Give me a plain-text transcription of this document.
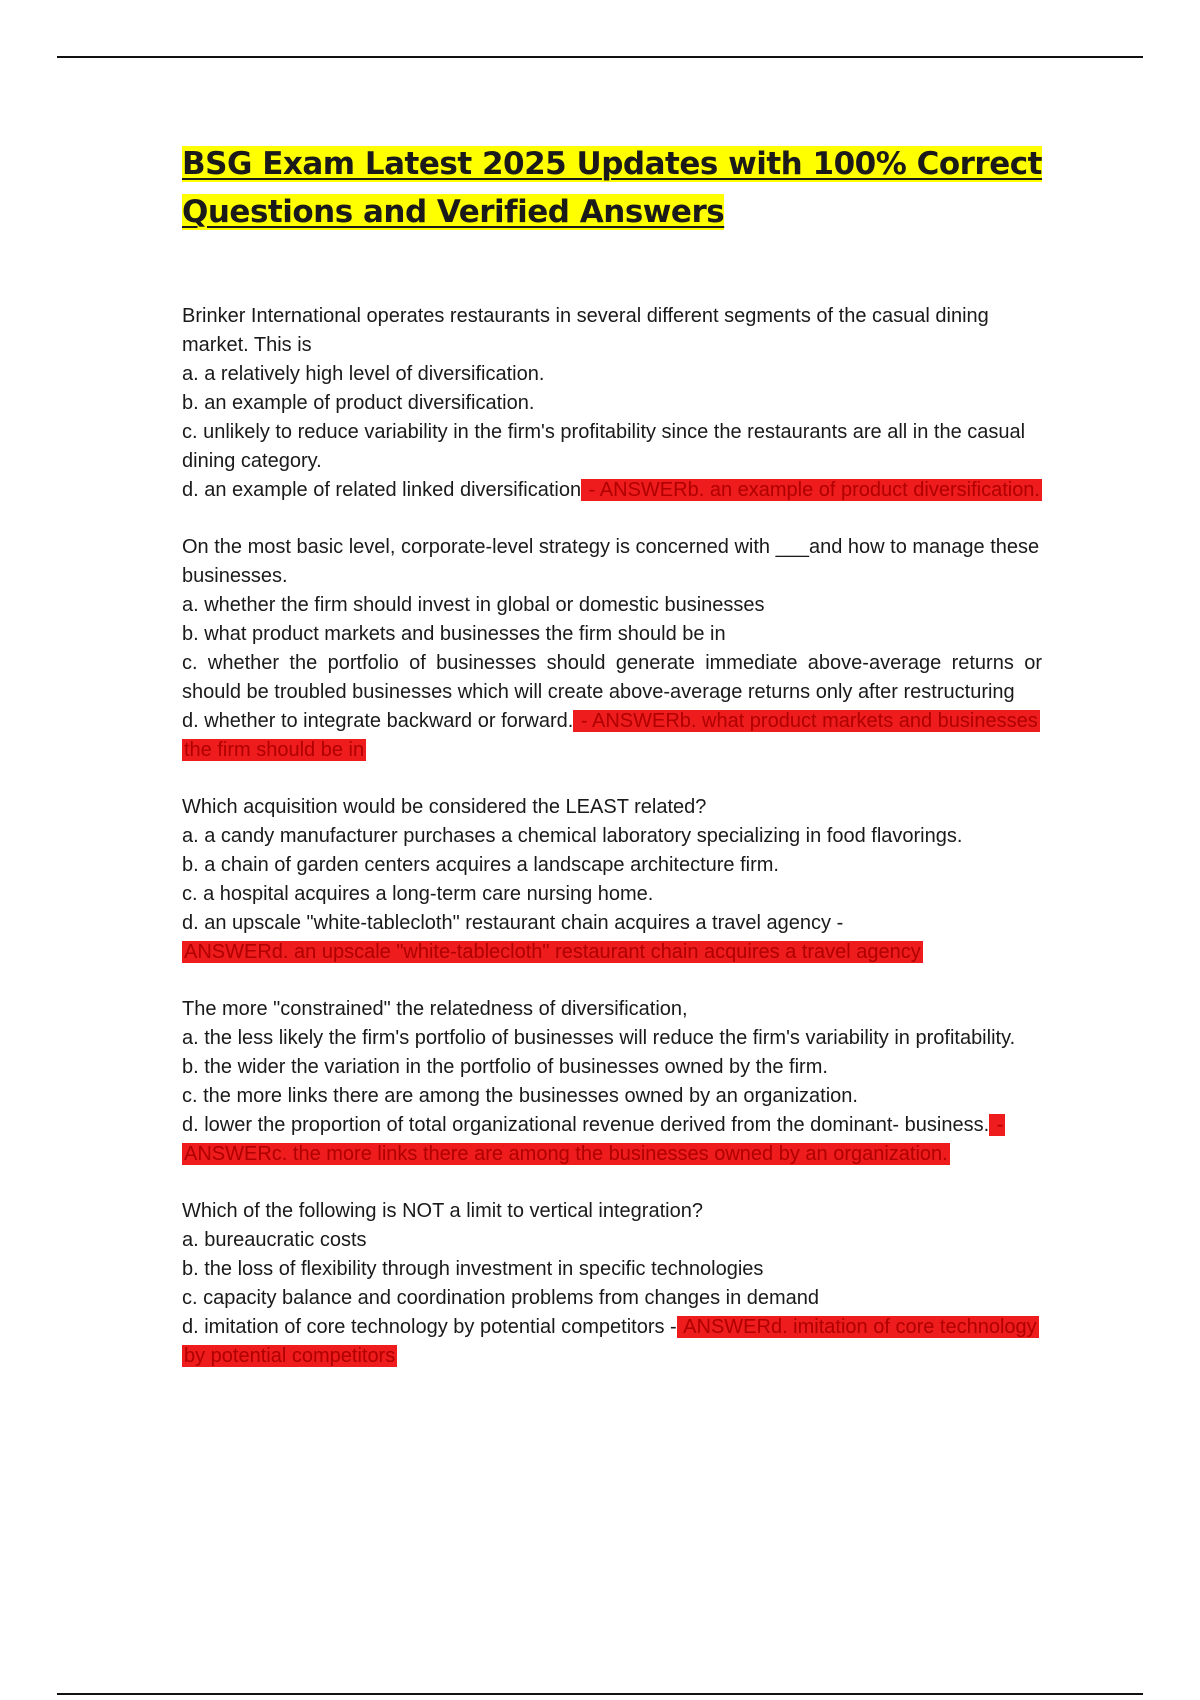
BSG Exam Latest 2025 Updates with 100% Correct
Questions and Verified Answers

Brinker International operates restaurants in several different segments of the casual dining market. This is

a. a relatively high level of diversification.

b. an example of product diversification.

c. unlikely to reduce variability in the firm's profitability since the restaurants are all in the casual dining category.

d. an example of related linked diversification - ANSWERb. an example of product diversification.

On the most basic level, corporate-level strategy is concerned with ___and how to manage these businesses.

a. whether the firm should invest in global or domestic businesses

b. what product markets and businesses the firm should be in

c. whether the portfolio of businesses should generate immediate above-average returns or should be troubled businesses which will create above-average returns only after restructuring

d. whether to integrate backward or forward. - ANSWERb. what product markets and businesses the firm should be in

Which acquisition would be considered the LEAST related?

a. a candy manufacturer purchases a chemical laboratory specializing in food flavorings.

b. a chain of garden centers acquires a landscape architecture firm.

c. a hospital acquires a long-term care nursing home.

d. an upscale "white-tablecloth" restaurant chain acquires a travel agency -

ANSWERd. an upscale "white-tablecloth" restaurant chain acquires a travel agency

The more "constrained" the relatedness of diversification,

a. the less likely the firm's portfolio of businesses will reduce the firm's variability in profitability.

b. the wider the variation in the portfolio of businesses owned by the firm.

c. the more links there are among the businesses owned by an organization.

d. lower the proportion of total organizational revenue derived from the dominant- business. - ANSWERc. the more links there are among the businesses owned by an organization.

Which of the following is NOT a limit to vertical integration?

a. bureaucratic costs

b. the loss of flexibility through investment in specific technologies

c. capacity balance and coordination problems from changes in demand

d. imitation of core technology by potential competitors - ANSWERd. imitation of core technology by potential competitors
